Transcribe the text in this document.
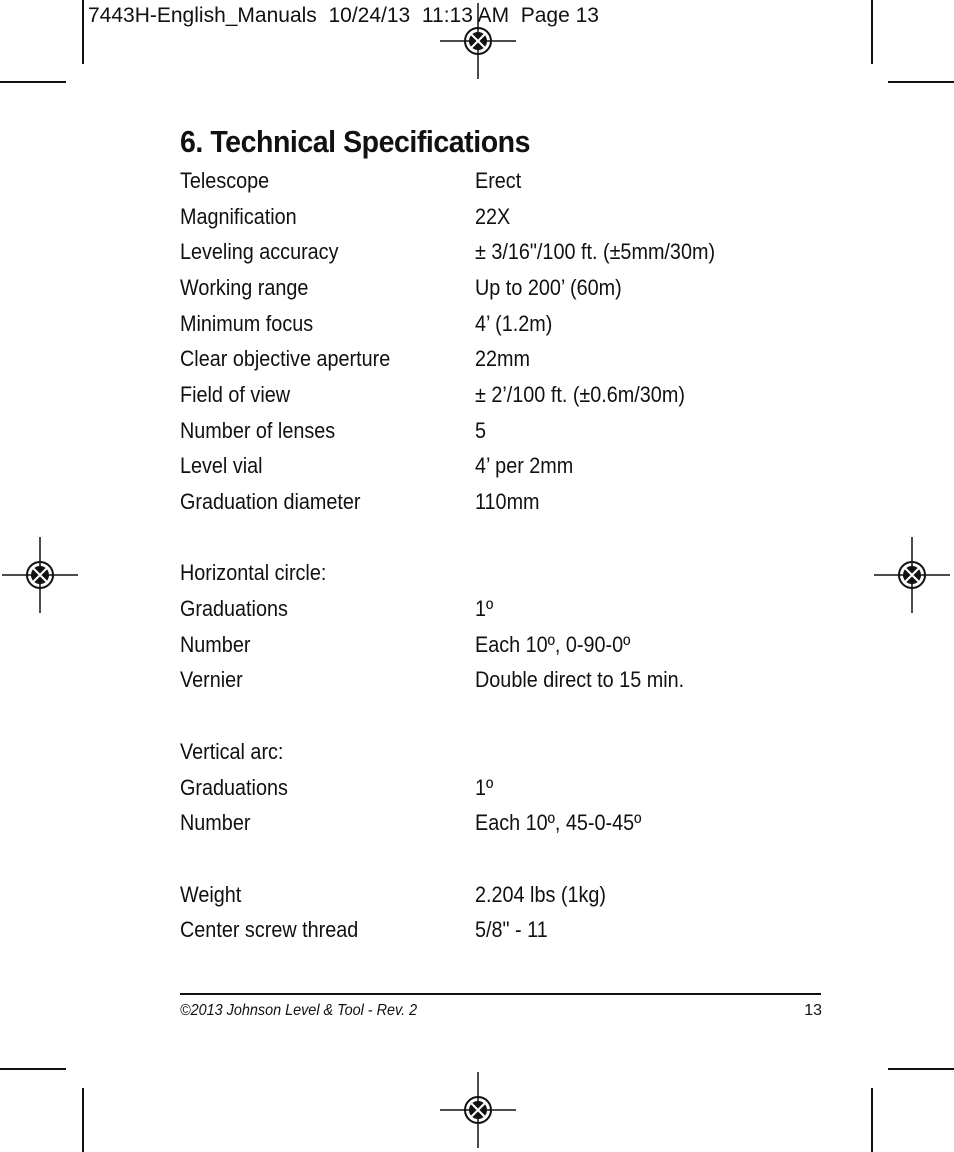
7443H-English_Manuals  10/24/13  11:13 AM  Page 13
6. Technical Specifications
Telescope	Erect
Magnification	22X
Leveling accuracy	± 3/16"/100 ft. (±5mm/30m)
Working range	Up to 200’ (60m)
Minimum focus	4’ (1.2m)
Clear objective aperture	22mm
Field of view	± 2’/100 ft. (±0.6m/30m)
Number of lenses	5
Level vial	4’ per 2mm
Graduation diameter	110mm
Horizontal circle:
Graduations	1º
Number	Each 10º, 0-90-0º
Vernier	Double direct to 15 min.
Vertical arc:
Graduations	1º
Number	Each 10º, 45-0-45º
Weight	2.204 lbs (1kg)
Center screw thread	5/8" - 11
©2013 Johnson Level & Tool - Rev. 2	13
